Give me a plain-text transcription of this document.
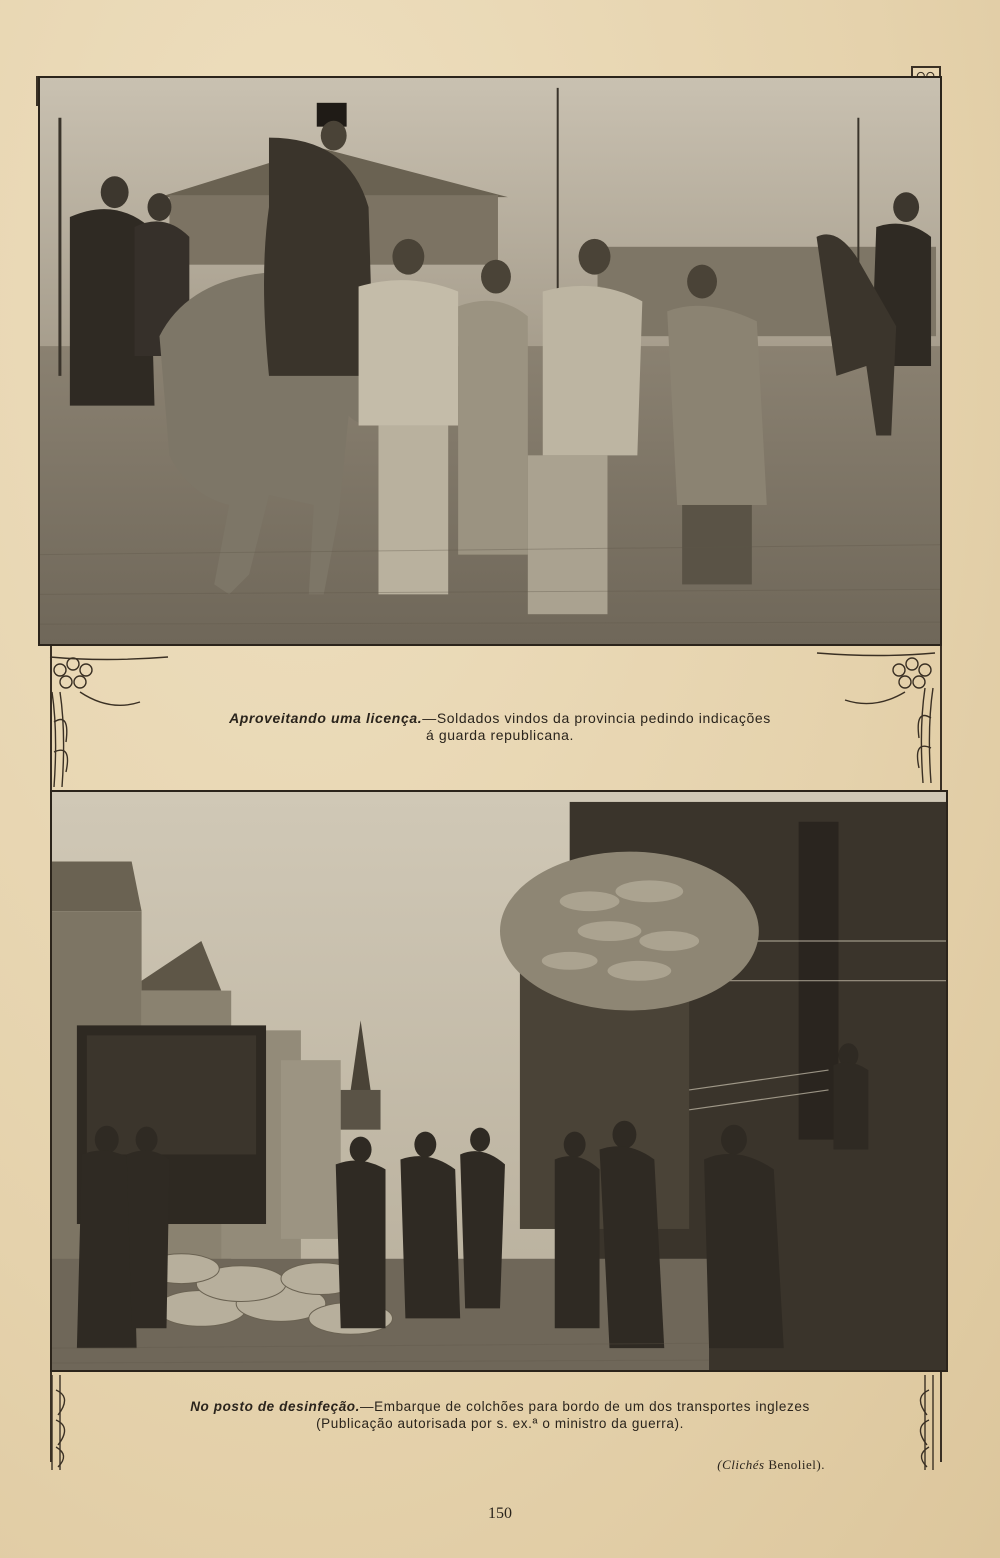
Aproveitando uma licença.—Soldados vindos da provincia pedindo indicações
á guarda republicana.
No posto de desinfeção.—Embarque de colchões para bordo de um dos transportes inglezes
(Publicação autorisada por s. ex.ª o ministro da guerra).
(Clichés Benoliel).
150
